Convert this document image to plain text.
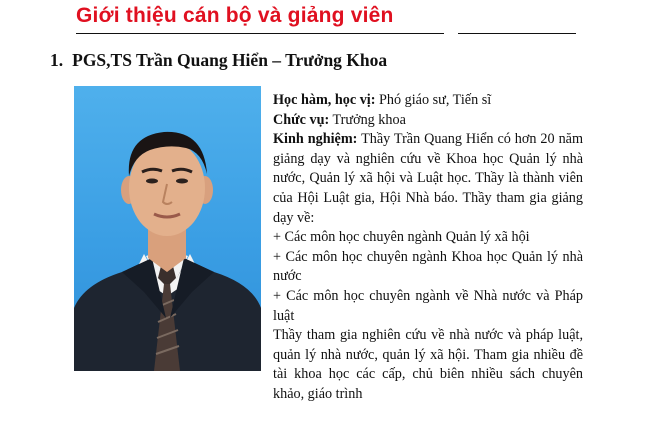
Giới thiệu cán bộ và giảng viên
1. PGS,TS Trần Quang Hiển – Trưởng Khoa

Học hàm, học vị: Phó giáo sư, Tiến sĩ

Chức vụ: Trưởng khoa

Kinh nghiệm: Thầy Trần Quang Hiển có hơn 20 năm giảng dạy và nghiên cứu về Khoa học Quản lý nhà nước, Quản lý xã hội và Luật học. Thầy là thành viên của Hội Luật gia, Hội Nhà báo. Thầy tham gia giảng dạy về:

+ Các môn học chuyên ngành Quản lý xã hội

+ Các môn học chuyên ngành Khoa học Quản lý nhà nước

+ Các môn học chuyên ngành về Nhà nước và Pháp luật

Thầy tham gia nghiên cứu về nhà nước và pháp luật, quản lý nhà nước, quản lý xã hội. Tham gia nhiều đề tài khoa học các cấp, chủ biên nhiều sách chuyên khảo, giáo trình
